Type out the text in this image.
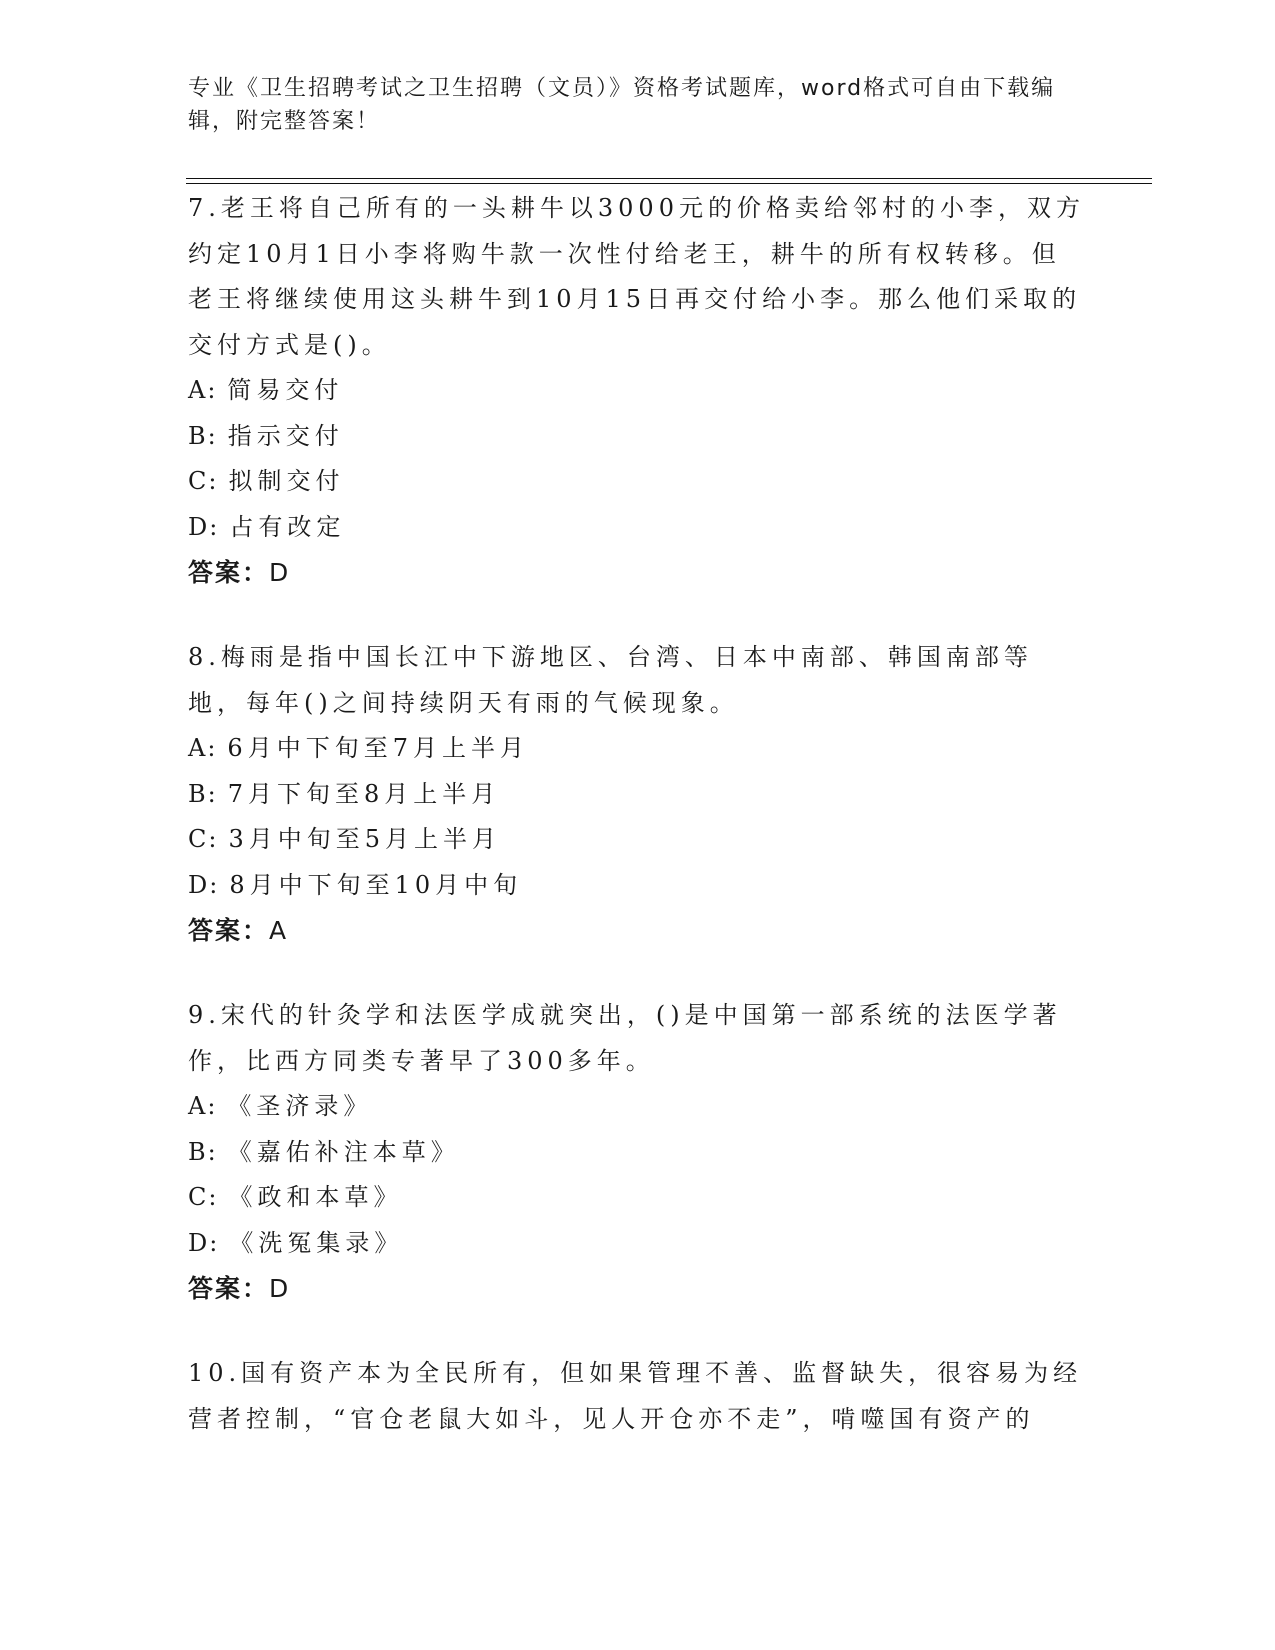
专业《卫生招聘考试之卫生招聘（文员）》资格考试题库，word格式可自由下载编辑，附完整答案！
7.老王将自己所有的一头耕牛以3000元的价格卖给邻村的小李，双方约定10月1日小李将购牛款一次性付给老王，耕牛的所有权转移。但老王将继续使用这头耕牛到10月15日再交付给小李。那么他们采取的交付方式是()。
A: 简易交付
B: 指示交付
C: 拟制交付
D: 占有改定
答案：D
8.梅雨是指中国长江中下游地区、台湾、日本中南部、韩国南部等地，每年()之间持续阴天有雨的气候现象。
A: 6月中下旬至7月上半月
B: 7月下旬至8月上半月
C: 3月中旬至5月上半月
D: 8月中下旬至10月中旬
答案：A
9.宋代的针灸学和法医学成就突出，()是中国第一部系统的法医学著作，比西方同类专著早了300多年。
A: 《圣济录》
B: 《嘉佑补注本草》
C: 《政和本草》
D: 《洗冤集录》
答案：D
10.国有资产本为全民所有，但如果管理不善、监督缺失，很容易为经营者控制，“官仓老鼠大如斗，见人开仓亦不走”，啃噬国有资产的
